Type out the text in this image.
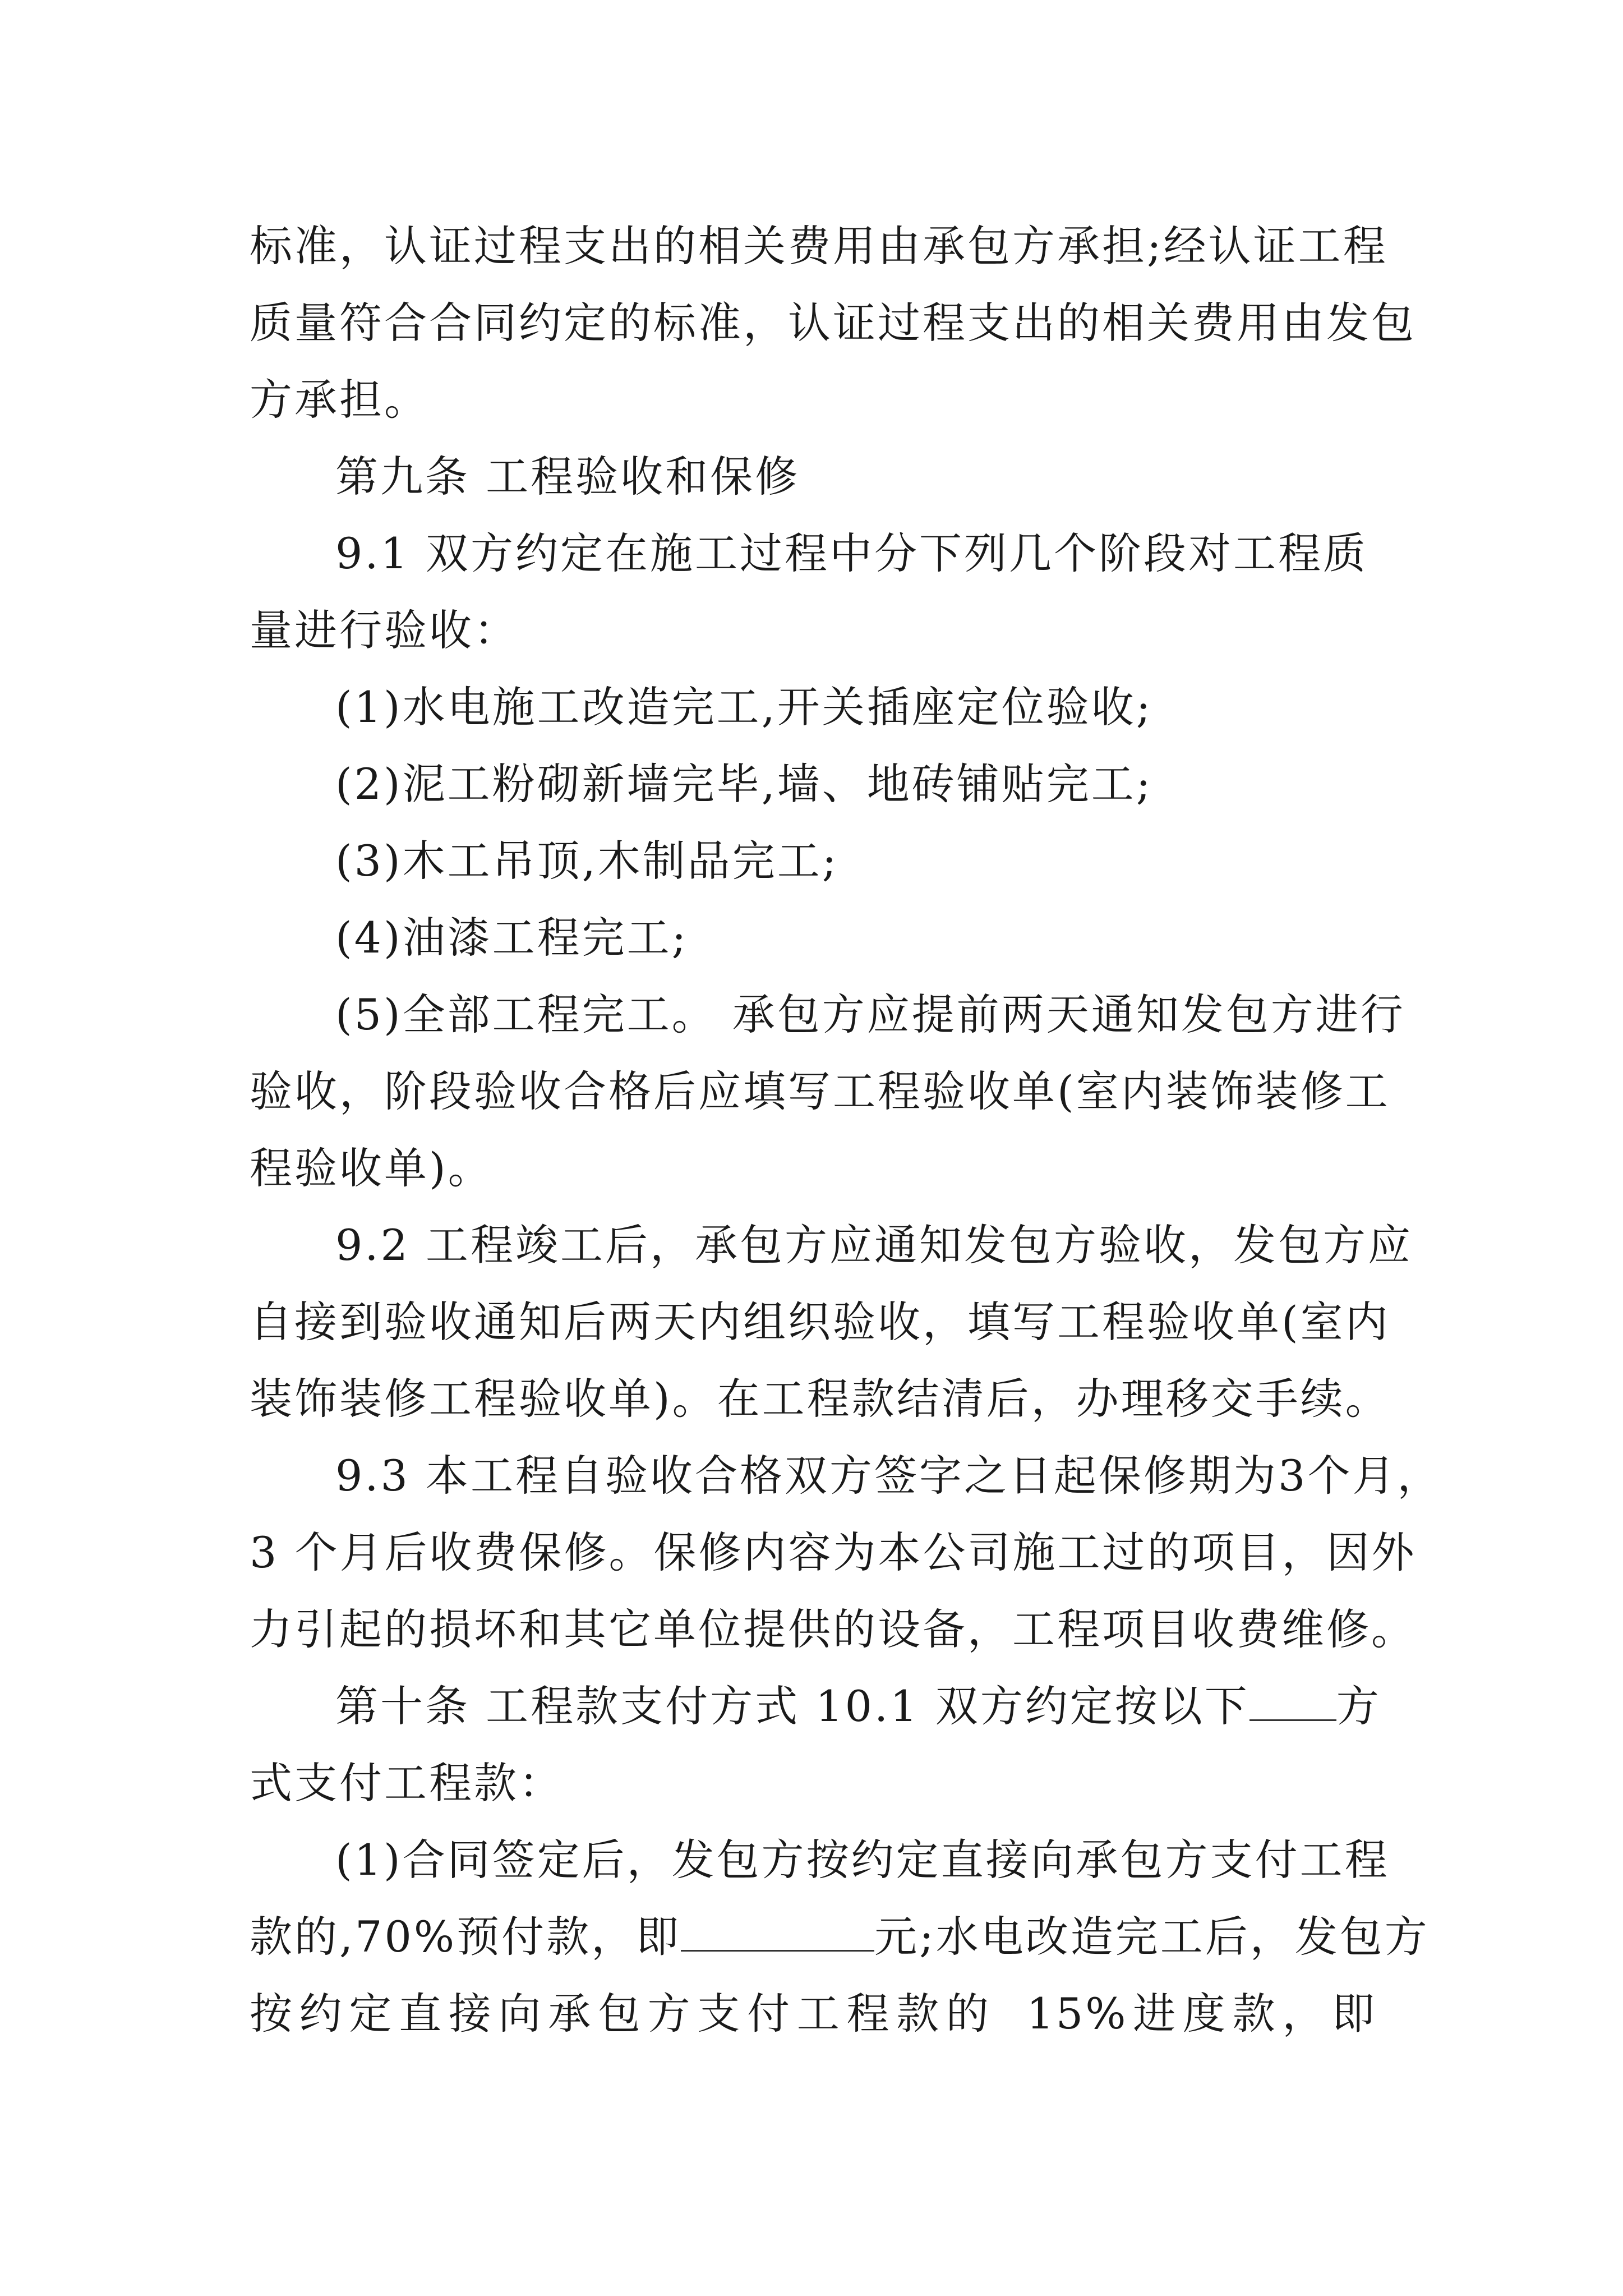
标准，认证过程支出的相关费用由承包方承担;经认证工程
质量符合合同约定的标准，认证过程支出的相关费用由发包
方承担。
第九条 工程验收和保修
9.1 双方约定在施工过程中分下列几个阶段对工程质
量进行验收：
(1)水电施工改造完工,开关插座定位验收;
(2)泥工粉砌新墙完毕,墙、地砖铺贴完工;
(3)木工吊顶,木制品完工;
(4)油漆工程完工;
(5)全部工程完工。 承包方应提前两天通知发包方进行
验收，阶段验收合格后应填写工程验收单(室内装饰装修工
程验收单)。
9.2 工程竣工后，承包方应通知发包方验收，发包方应
自接到验收通知后两天内组织验收，填写工程验收单(室内
装饰装修工程验收单)。在工程款结清后，办理移交手续。
9.3 本工程自验收合格双方签字之日起保修期为3个月，
3 个月后收费保修。保修内容为本公司施工过的项目，因外
力引起的损坏和其它单位提供的设备，工程项目收费维修。
第十条 工程款支付方式 10.1 双方约定按以下 方
式支付工程款：
(1)合同签定后，发包方按约定直接向承包方支付工程
款的,70%预付款，即	元;水电改造完工后，发包方
按约定直接向承包方支付工程款的 15%进度款，即
